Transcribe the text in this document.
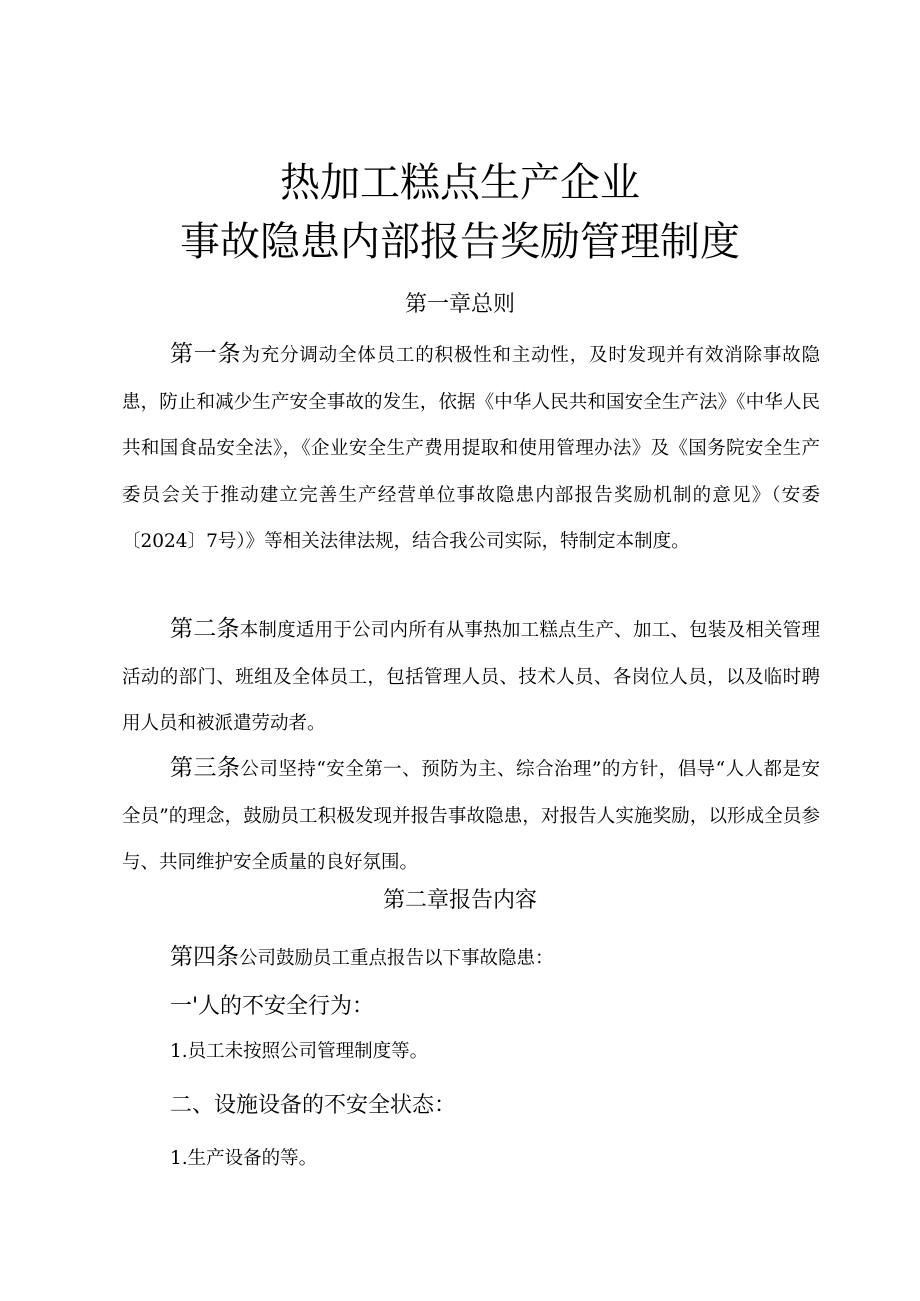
热加工糕点生产企业
事故隐患内部报告奖励管理制度
第一章总则

第一条为充分调动全体员工的积极性和主动性，及时发现并有效消除事故隐患，防止和减少生产安全事故的发生，依据《中华人民共和国安全生产法》《中华人民共和国食品安全法》，《企业安全生产费用提取和使用管理办法》及《国务院安全生产委员会关于推动建立完善生产经营单位事故隐患内部报告奖励机制的意见》（安委〔2024〕7号）》等相关法律法规，结合我公司实际，特制定本制度。

第二条本制度适用于公司内所有从事热加工糕点生产、加工、包装及相关管理活动的部门、班组及全体员工，包括管理人员、技术人员、各岗位人员，以及临时聘用人员和被派遣劳动者。

第三条公司坚持“安全第一、预防为主、综合治理”的方针，倡导“人人都是安全员”的理念，鼓励员工积极发现并报告事故隐患，对报告人实施奖励，以形成全员参与、共同维护安全质量的良好氛围。

第二章报告内容

第四条公司鼓励员工重点报告以下事故隐患：

一'人的不安全行为：
1.员工未按照公司管理制度等。
二、设施设备的不安全状态：
1.生产设备的等。
